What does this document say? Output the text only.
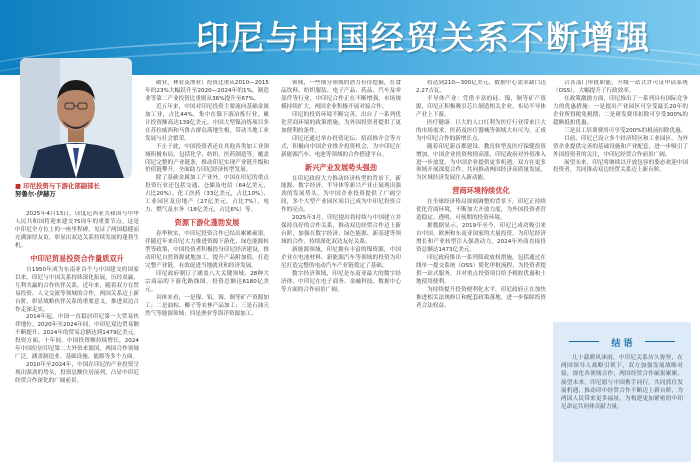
印尼与中国经贸关系不断增强
■ 印尼投资与下游化部副部长
努鲁尔·伊赫万

2025年4月13日，印度尼西亚共和国与中华人民共和国将迎来建交75周年的重要节点。这是中印尼全方位上的一座里程碑，见证了两国稳健而充满深厚友谊，彰显出双边关系持续发展的蓬勃生机。

中印尼贸易投资合作量质双升

自1950年成为东南亚首个与中国建交的国家以来，印尼与中国关系持续深化拓展，历经双赢、互利共赢的合作伙伴关系。近年来，随着双方在贸易投资、人文交流等领域的合作，两国关系迈上新台阶，彰显战略伙伴关系的重要意义，推进双边合作走深走实。

2014年起，中国一直稳居印尼第一大贸易伙伴地位。2020年至2024年间，中印尼双边贸易额不断提升，2024年的贸易总额达到1479亿美元。投资方面，十年间，中国投资额持续增长，2024年中国位居印尼第二大外资来源国，两国合作领域广泛，涵盖制造业、基础设施、能源等多个方面。

2010年至2024年，中国在印尼的产业投资呈现出强劲的势头，投资总额位居前列，凸显中印尼经贸合作深化的广阔前景。

破业，林业及渔业）投资比重从2010—2015年的23%大幅跃升至2020—2024年的1%，制造业等第二产业投资比重则从36%提升至67%。

近五年来，中国对印尼投资主要流向基础金属加工业，占比44%，集中在镍下游冶炼行业，累计投资额高达139亿美元。中国大型镍冶炼项目多在苏拉威西和马鲁古群岛落地生根，带动当地工业发展与社会繁荣。

不止于此，中国投资者还在其他各类加工业领域积极布局，包括化学、纺织、医药制造等，覆盖印尼完整的产业链条，推动印尼实现产业链升级和价值链攀升，全面助力印尼经济转型发展。

除了基础金属加工产业外，中国在印尼的重点投资行业还包括交通、仓储及电信（64亿美元，占比20%）、化工医药（33亿美元，占比10%）、工业园区及房地产（27亿美元，占比7%）、电力、燃气及水务（18亿美元，占比6%）等。

资源下游化蓬勃发展

春华秋实，中印尼投资合作已结出累累硕果。伴随近年来印尼大力推进资源下游化、绿色能源转型等政策，中国投资者积极投身印尼经济建设，推动印尼自然资源就地加工，提升产品附加值，打造完整产业链，有效促进当地就业和经济发展。

印尼政府制订了涵盖八大关键领域、28种大宗商品的下游化路线图，投资总额达6180亿美元。

具体来看，一是镍、铝、锡、铜等矿产资源加工；二是油棕、椰子等农林产品加工；三是石油天然气等能源领域；四是渔业等海洋资源加工。

领域，一些细分领域的潜力有待挖掘，在食品饮料、纺织服装、电子产品、药品、汽车及零部件等行业，中印尼合作正在不断增强，市场规模持续扩大，两国企业积极开展对接合作。

印尼的投资环境不断完善，出台了一系列优化营商环境的政策措施，为外国投资者提供了更加便利的条件。

印尼还通过举办投资论坛、招商推介会等方式，积极向中国企业推介投资机会，为中印尼在新能源汽车、电池等领域的合作搭建平台。

新兴产业发展势头强劲

在印尼政府大力推动经济转型的背景下，新能源、数字经济、半导体等新兴产业正展现出强劲的发展势头，为中国企业投资提供了广阔空间，多个大型产业园区项目已成为中印尼投资合作的亮点。

2025年3月，印尼提出将持续与中国建立并保持良好的合作关系，推动双边经贸合作迈上新台阶，加强在数字经济、绿色能源、新基建等领域的合作，持续深化双边友好关系。

新能源领域，印尼拥有丰富的镍资源，中国企业在电池材料、新能源汽车等领域的投资为印尼打造完整的电动汽车产业链奠定了基础。

数字经济领域，印尼是东南亚最大的数字经济体，中印尼在电子商务、金融科技、数据中心等方面的合作前景广阔。

将达到210—300亿美元，数据中心需求缺口达2.27吉瓦。

半导体产业：凭借丰富的硅、镍、铜等矿产资源，印尼正积极吸引芯片制造相关企业，布局半导体产业上下游。

医疗健康：巨大的人口红利为医疗行业带来巨大的市场需求，医药及医疗器械等领域大有可为，正成为中印尼合作的新增长点。

随着印尼新首都建设、教育转型及医疗保健投资增加，中国企业投资热情高涨，印尼政府对外资准入进一步放宽，为中国企业提供更多机遇，双方在更多领域开展深度合作，共同推动两国经济高质量发展，为区域经济发展注入新动能。

营商环境持续优化

在全球经济格局深刻调整的背景下，印尼正持续优化营商环境，不断加大开放力度，为外国投资者营造稳定、透明、可预期的投资环境。

据数据显示，2019年至今，印尼已成功吸引来自中国、欧洲和东南亚国家的大量投资，为印尼经济增长和产业转型注入强劲动力，2024年外商直接投资总额达1473亿美元。

印尼政府推出一系列简政放权措施，包括通过在线单一提交系统（OSS）简化审批流程，为投资者提供一站式服务，并对重点投资项目给予税收优惠和土地使用便利。

为持续提升投资便利化水平，印尼政府正在加快推进相关法规修订和配套政策落地，进一步保障投资者合法权益。

合各部门审批职能，升级一站式许可证申请系统（OSS），大幅提升了行政效率。

在政策激励方面，印尼推出了一系列具有国际竞争力的优惠措施：一是提出产业园区可享受最长20年的企业所得税免税期；二是研发费用扣除可享受300%的超额抵扣优惠。

三是员工培训费用可享受200%的税前扣除优惠。

目前，印尼已设立多个经济特区和工业园区，为外资企业提供完善的基础设施和产业配套，进一步吸引了外国投资者的关注，中印尼经贸合作前景广阔。

展望未来，印尼将继续以开放包容的姿态欢迎中国投资者，共同推动双边经贸关系迈上新台阶。

结 语
几十载耕风沐雨，中印尼关系历久弥坚，在两国领导人战略引领下，双方加强发展战略对接，深化各领域合作，两国经贸合作硕果累累。展望未来，印尼愿与中国携手同行，共同抓住发展机遇，推动印中经贸合作不断迈上新台阶，为两国人民带来更多福祉，为构建更加紧密的中印尼命运共同体贡献力量。
